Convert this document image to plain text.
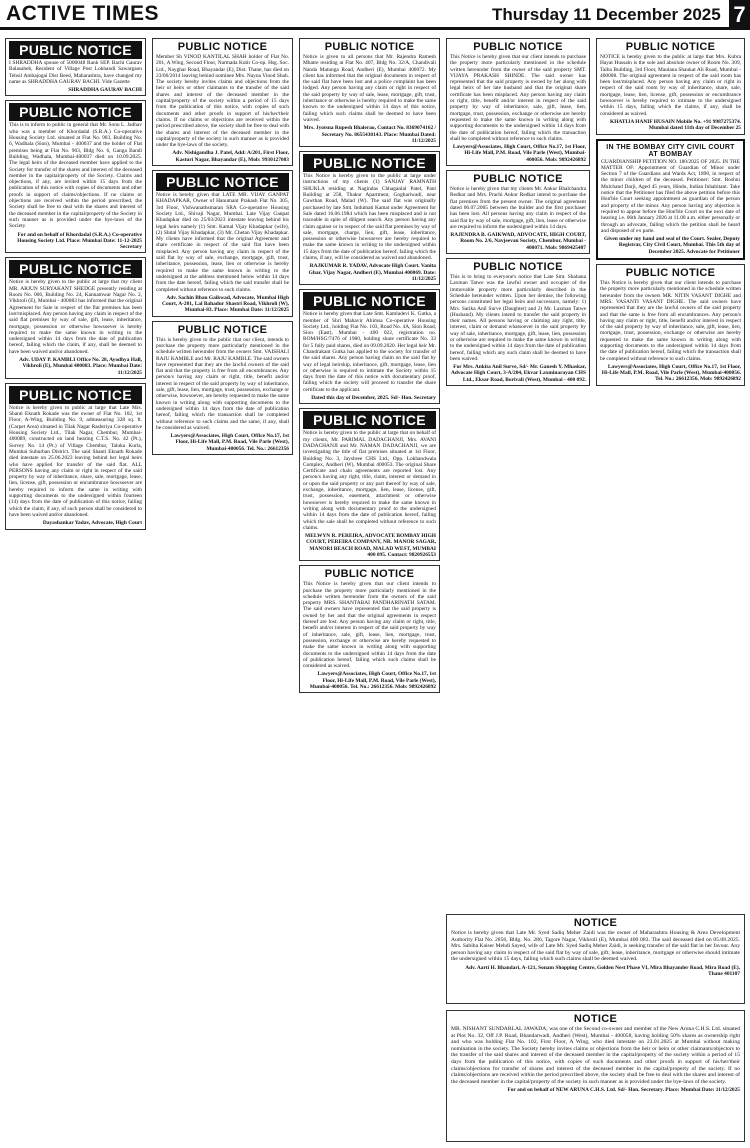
ACTIVE TIMES	Thursday 11 December 2025 7
PUBLIC NOTICE
I SHRADDHA spouse of 5000048 Rank SEP. Bachi Gaurav Balasaheb, Resident of Village Post Lokhandi Sawargaon Tehsil Ambajogai Dist Beed, Maharashtra, have changed my name as SHRADDHA GAURAV BACHI. Vide Gazette
SHRADDHA GAURAV BACHI
PUBLIC NOTICE
This is to inform to public in general that Mr. Sonu L. Jadhav who was a member of Khordadal (S.R.A.) Co-operative Housing Society Ltd. situated at Flat No. 903, Building No. 6, Wadhala (Sion), Mumbai - 400037 and the holder of Flat premises being at Flat No. 903, Bldg No. 6, Ganga Bandi Building, Wadhala, Mumbai-400037 died on 10.09.2025. The legal heirs of the deceased member have applied to the Society for transfer of the shares and interest of the deceased member in the capital/property of the Society. Claims and objections, if any, are invited within 15 days from the publication of this notice with copies of documents and other proofs in support of claims/objections. If no claims or objections are received within the period prescribed, the Society shall be free to deal with the shares and interest of the deceased member in the capital/property of the Society in such manner as is provided under the bye-laws of the Society.
For and on behalf of Khordadal (S.R.A.) Co-operative Housing Society Ltd. Place: Mumbai Date: 11-12-2025 Secretary
PUBLIC NOTICE
Notice is hereby given to the public at large that my client MR. ARJUN SURYAKANT SHEDGE presently residing at Room No. 006, Building No. 24, Kannamwar Nagar No. 2, Vikhroli (E), Mumbai - 400083 has informed that the original Agreement for Sale in respect of the flat premises has been lost/misplaced. Any person having any claim in respect of the said flat premises by way of sale, gift, lease, inheritance, mortgage, possession or otherwise howsoever is hereby required to make the same known in writing to the undersigned within 14 days from the date of publication hereof, failing which the claim, if any, shall be deemed to have been waived and/or abandoned.
Adv. UDAY P. KAMBLI Office No. 28, Ayodhya Hall, Vikhroli (E), Mumbai 400083. Place: Mumbai Date: 11/12/2025
PUBLIC NOTICE
Notice is hereby given to public at large that Late Mrs. Shanti Eknath Rokade was the owner of Flat No. 102, 1st Floor, A-Wing, Building No. 9, admeasuring 328 sq. ft. (Carpet Area) situated in Tilak Nagar Rashtriya Co-operative Housing Society Ltd., Tilak Nagar, Chembur, Mumbai-400089, constructed on land bearing C.T.S. No. 42 (Pt.), Survey No. 14 (Pt.) of Village Chembur, Taluka Kurla, Mumbai Suburban District. The said Shanti Eknath Rokade died intestate on 25.06.2023 leaving behind her legal heirs who have applied for transfer of the said flat. ALL PERSONS having any claim or right in respect of the said property by way of inheritance, share, sale, mortgage, lease, lien, license, gift, possession or encumbrance howsoever are hereby required to inform the same in writing with supporting documents to the undersigned within fourteen (14) days from the date of publication of this notice, failing which the claim, if any, of such person shall be considered to have been waived and/or abandoned.
Dayashankar Yadav, Advocate, High Court
PUBLIC NOTICE
Member Sh VINOD KANTILAL SHAH holder of Flat No. 201, A Wing, Second Floor, Narmada Kutir Co-op. Hsg. Soc. Ltd., Nayghar Road, Bhayandar (E), Dist. Thane, has died on 23/06/2014 leaving behind nominee Mrs. Nayna Vinod Shah. The society hereby invites claims and objections from the heir or heirs or other claimants to the transfer of the said shares and interest of the deceased member in the capital/property of the society within a period of 15 days from the publication of this notice, with copies of such documents and other proofs in support of his/her/their claims. If no claims or objections are received within the period prescribed above, the society shall be free to deal with the shares and interest of the deceased member in the capital/property of the society in such manner as is provided under the bye-laws of the society.
Adv. Nishigandha J. Patel, Add: A/201, First Floor, Kasturi Nagar, Bhayandar (E), Mob: 9930127083
PUBLIC NOTICE
Notice is hereby given that LATE MR. VIJAY GANPAT KHADAPKAR, Owner of Hanumant Prakash Flat No. 305, 3rd Floor, Vishwanathsmaran SRA Co-operative Housing Society Ltd., Shivaji Nagar, Mumbai. Late Vijay Ganpat Khadapkar died on 25/03/2023 intestate leaving behind his legal heirs namely (1) Smt. Kamal Vijay Khadapkar (wife), (2) Shital Vijay Khadapkar, (3) Mr. Chetan Vijay Khadapkar. My clients have informed that the original Agreement and share certificate in respect of the said flat have been misplaced. Any person having any claim in respect of the said flat by way of sale, exchange, mortgage, gift, trust, inheritance, possession, lease, lien or otherwise is hereby required to make the same known in writing to the undersigned at the address mentioned below within 14 days from the date hereof, failing which the said transfer shall be completed without reference to such claims.
Adv. Sachin Bhau Gaikwad, Advocate, Mumbai High Court, A-201, Lal Bahadur Shastri Road, Vikhroli (W), Mumbai-83. Place: Mumbai Date: 11/12/2025
PUBLIC NOTICE
This is hereby given to the public that our client, intends to purchase the property more particularly mentioned in the schedule written hereunder from the owners Smt. VAISHALI RAJU KAMBLE and Mr. RAJU KAMBLE. The said owners have represented that they are the lawful owners of the said flat and that the property is free from all encumbrances. Any person/s having any claim or right, title, benefit and/or interest in respect of the said property by way of inheritance, sale, gift, lease, lien, mortgage, trust, possession, exchange or otherwise, howsoever, are hereby requested to make the same known in writing along with supporting documents to the undersigned within 14 days from the date of publication hereof, failing which the transaction shall be completed without reference to such claims and the same, if any, shall be considered as waived.
Lawyers@Associates, High Court, Office No.17, 1st Floor, Hi-Life Mall, P.M. Road, Vile Parle (West), Mumbai-400056. Tel. No.: 26612356
PUBLIC NOTICE
Notice is given to all persons that Mr. Rajendra Ramesh Mhatre residing at Flat No. 407, Bldg No. 32/A, Chandivali Nanda Matunga Road, Andheri (E), Mumbai 400072. My client has informed that the original documents in respect of the said flat have been lost and a police complaint has been lodged. Any person having any claim or right in respect of the said property by way of sale, lease, mortgage, gift, trust, inheritance or otherwise is hereby required to make the same known to the undersigned within 14 days of this notice, failing which such claims shall be deemed to have been waived.
Mrs. Jyotsna Rupesh Bhalerao, Contact No. 8369074162 / Secretary No. 8655430143. Place: Mumbai Dated: 11/12/2025
PUBLIC NOTICE
This Notice is hereby given to the public at large under instructions of my clients (1) SANJAY RAMNATH SHUKLA residing at Nagindas Chhaganlal Patel, Pant Building at 258, Thakur Apartment, Goghariwadi, near Gawthan Road, Malad (W). The said flat was originally purchased by late Smt. Indumati Kamat under Agreement for Sale dated 16.06.1984 which has been misplaced and is not traceable in spite of diligent search. Any person having any claim against or in respect of the said flat premises by way of sale, mortgage, charge, lien, gift, lease, inheritance, possession or otherwise howsoever are hereby required to make the same known in writing to the undersigned within 15 days from the date of publication hereof, failing which the claims, if any, will be considered as waived and abandoned.
RAJKUMAR R. YADAV, Advocate High Court. Vanita Ghar, Vijay Nagar, Andheri (E), Mumbai 400069. Date: 11/12/2025
PUBLIC NOTICE
Notice is hereby given that Late Smt. Kamladevi K. Gutka, a member of Shri Mahavir Ahimsa Co-operative Housing Society Ltd., holding Flat No. 103, Road No. 4A, Sion Road, Sion (East), Mumbai - 400 022, registration no. BOM/HSG/7476 of 1980, holding share certificate No. 33 for 5 fully paid shares, died on 09.09.2020. Her legal heir Mr. Chandrakant Gutka has applied to the society for transfer of the said shares. Any person having claim on the said flat by way of legal heirship, inheritance, gift, mortgage, lease, lien or otherwise is required to intimate the Society within 15 days from the date of this notice with documentary proof, failing which the society will proceed to transfer the share certificate to the applicant.
Dated this day of December, 2025. Sd/- Hon. Secretary
PUBLIC NOTICE
Notice is hereby given to the public at large that on behalf of my clients, Mr. PARIMAL DADACHANJI, Mrs. AVANI DADACHANJI and Mr. NAMAN DADACHANJI, we are investigating the title of flat premises situated at 1st Floor, Building No. 3, Jayshree CHS Ltd., Opp. Lokhandwala Complex, Andheri (W), Mumbai 400053. The original Share Certificate and chain agreements are reported lost. Any person/s having any right, title, claim, interest or demand in or upon the said property or any part thereof by way of sale, exchange, inheritance, mortgage, lien, lease, license, gift, trust, possession, easement, attachment or otherwise howsoever is hereby required to make the same known in writing along with documentary proof to the undersigned within 14 days from the date of publication hereof, failing which the sale shall be completed without reference to such claims.
MELWYN R. PEREIRA, ADVOCATE BOMBAY HIGH COURT, PEREIRA COMPANY, NR. MANOR SAGAR, MANORI BEACH ROAD, MALAD WEST, MUMBAI 400 095. Contact: 9820926553
PUBLIC NOTICE
This Notice is hereby given that our client intends to purchase the property more particularly mentioned in the schedule written hereunder from the owners of the said property MRS. SHANTABAI PANDHARINATH SATAM. The said owners have represented that the said property is owned by her and that the original agreements in respect thereof are lost. Any person having any claim or right, title, benefit and/or interest in respect of the said property by way of inheritance, sale, gift, lease, lien, mortgage, trust, possession, exchange or otherwise are hereby requested to make the same known in writing along with supporting documents to the undersigned within 14 days from the date of publication hereof, failing which such claims shall be considered as waived.
Lawyers@Associates, High Court, Office No.17, 1st Floor, Hi-Life Mall, P.M. Road, Vile Parle (West), Mumbai-400056. Tel. No.: 26612356. Mob: 9892426892
PUBLIC NOTICE
This Notice is hereby given that our client intends to purchase the property more particularly mentioned in the schedule written hereunder from the owner of the said property SMT. VIJAYA PRAKASH SHINDE. The said owner has represented that the said property is owned by her along with legal heirs of her late husband and that the original share certificate has been misplaced. Any person having any claim or right, title, benefit and/or interest in respect of the said property by way of inheritance, sale, gift, lease, lien, mortgage, trust, possession, exchange or otherwise are hereby requested to make the same known in writing along with supporting documents to the undersigned within 14 days from the date of publication hereof, failing which the transaction shall be completed without reference to such claims.
Lawyers@Associates, High Court, Office No.17, 1st Floor, Hi-Life Mall, P.M. Road, Vile Parle (West), Mumbai-400056. Mob: 9892426892
PUBLIC NOTICE
Notice is hereby given that my clients Mr. Ankur Bhalchandra Redkar and Mrs. Prachi Ankur Redkar intend to purchase the flat premises from the present owner. The original agreement dated 06.07.2005 between the builder and the first purchaser has been lost. All persons having any claim in respect of the said flat by way of sale, mortgage, gift, lien, lease or otherwise are required to inform the undersigned within 14 days.
RAJENDRA B. GAIKWAD, ADVOCATE, HIGH COURT, Room No. 2/6, Navjeevan Society, Chembur, Mumbai - 400071. Mob: 9869425407
PUBLIC NOTICE
This is to bring to everyone's notice that Late Smt. Shabana Laxman Tatwe was the lawful owner and occupier of the immovable property more particularly described in the Schedule hereunder written. Upon her demise, the following persons constituted her legal heirs and successors, namely: 1) Mrs. Sarika Anil Surve (Daughter) and 2) Mr. Laxman Tatwe (Husband). My clients intend to transfer the said property in their names. All persons having or claiming any right, title, interest, claim or demand whatsoever in the said property by way of sale, inheritance, mortgage, gift, lease, lien, possession or otherwise are required to make the same known in writing to the undersigned within 14 days from the date of publication hereof, failing which any such claim shall be deemed to have been waived.
For Mrs. Ankita Anil Surve, Sd/- Mr. Ganesh Y. Mhaskar, Advocate High Court, 3-A/204, Ekvar Laxminarayan CHS Ltd., Eksar Road, Borivali (West), Mumbai - 400 092.
PUBLIC NOTICE
NOTICE is hereby given to the public at large that Mrs. Kubra Hayat Hussain is the sole and absolute owner of Room No. 309, Taiba Building, 3rd Floor, Maulana Shaukat Ali Road, Mumbai - 400008. The original agreement in respect of the said room has been lost/misplaced. Any person having any claim or right in respect of the said room by way of inheritance, share, sale, mortgage, lease, lien, license, gift, possession or encumbrance howsoever is hereby required to intimate to the undersigned within 15 days, failing which the claims, if any, shall be considered as waived.
KHATIJA HANIF HUSAIN Mobile No. +91 9987275374. Mumbai dated 11th day of December 25
IN THE BOMBAY CITY CIVIL COURT AT BOMBAY
GUARDIANSHIP PETITION NO. 180/2025 OF 2025. IN THE MATTER OF: Appointment of Guardian of Minor under Section 7 of the Guardians and Wards Act, 1890, in respect of the minor children of the deceased. Petitioner: Smt. Roshni Mulchand Darji, Aged 45 years, Hindu, Indian Inhabitant. Take notice that the Petitioner has filed the above petition before this Hon'ble Court seeking appointment as guardian of the person and property of the minor. Any person having any objection is required to appear before the Hon'ble Court on the next date of hearing i.e. 06th January 2026 at 11.00 a.m. either personally or through an advocate, failing which the petition shall be heard and disposed of ex parte.
Given under my hand and seal of the Court. Sealer, Deputy Registrar, City Civil Court, Mumbai. This 5th day of December 2025. Advocate for Petitioner
PUBLIC NOTICE
This Notice is hereby given that our client intends to purchase the property more particularly mentioned in the schedule written hereunder from the owners MR. NITIN VASANT DIGHE and MRS. VASANTI VASANT DIGHE. The said owners have represented that they are the lawful owners of the said property and that the same is free from all encumbrances. Any person/s having any claim or right, title, benefit and/or interest in respect of the said property by way of inheritance, sale, gift, lease, lien, mortgage, trust, possession, exchange or otherwise are hereby requested to make the same known in writing along with supporting documents to the undersigned within 14 days from the date of publication hereof, failing which the transaction shall be completed without reference to such claims.
Lawyers@Associates, High Court, Office No.17, 1st Floor, Hi-Life Mall, P.M. Road, Vile Parle (West), Mumbai-400056. Tel. No.: 26612356. Mob: 9892426892
NOTICE
Notice is hereby given that Late Mr. Syed Sadiq Meher Zaidi was the owner of Maharashtra Housing & Area Development Authority Flat No. 2856, Bldg. No. 286, Tagore Nagar, Vikhroli (E), Mumbai 400 083. The said deceased died on 05.08.2025. Mrs. Sabiha Kaiser Mehdi Sayed, wife of Late Mr. Syed Sadiq Meher Zaidi, is seeking transfer of the said flat in her favour. Any person having any claim in respect of the said flat by way of sale, gift, lease, inheritance, mortgage or otherwise should intimate the undersigned within 15 days, failing which such claims shall be deemed waived.
Adv. Aarti H. Bhandari, A-121, Sonam Shopping Centre, Golden Nest Phase VI, Mira Bhayander Road, Mira Road (E), Thane 401107
NOTICE
MR. NISHANT SUNDARLAL JAWADA, was one of the Second co-owner and member of the New Aruna C.H.S. Ltd. situated at Plot No. 32, Off J.P. Road, Bhandarwadi, Andheri (West), Mumbai - 400058, having holding 50% shares as ownership right and who was holding Flat No. 102, First Floor, A Wing, who died intestate on 23.01.2025 at Mumbai without making nomination in the society. The Society hereby invites claims or objections from the heir or heirs or other claimants/objectors to the transfer of the said shares and interest of the deceased member in the capital/property of the society within a period of 15 days from the publication of this notice, with copies of such documents and other proofs in support of his/her/their claims/objections for transfer of shares and interest of the deceased member in the capital/property of the society. If no claims/objections are received within the period prescribed above, the society shall be free to deal with the shares and interest of the deceased member in the capital/property of the society in such manner as is provided under the bye-laws of the society.
For and on behalf of NEW ARUNA C.H.S. Ltd. Sd/- Hon. Secretary. Place: Mumbai Date: 11/12/2025
